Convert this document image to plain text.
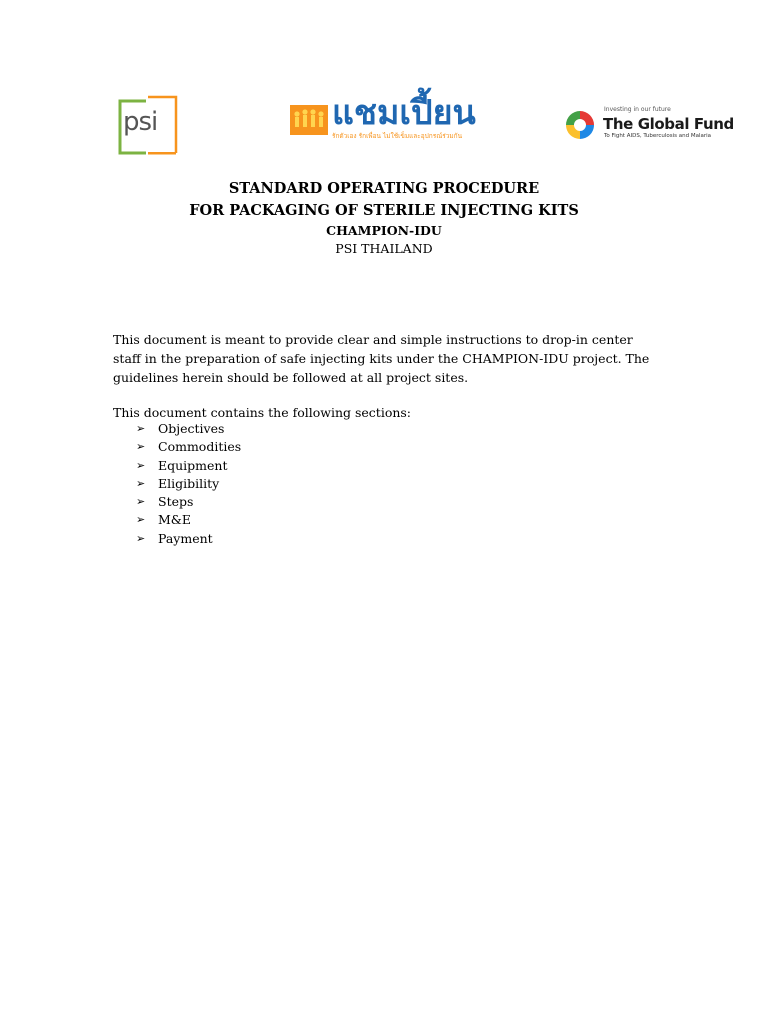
psi	แชมเปี้ยน
รักตัวเอง รักเพื่อน ไม่ใช้เข็มและอุปกรณ์ร่วมกัน
Investing in our future
The Global Fund
To Fight AIDS, Tuberculosis and Malaria

STANDARD OPERATING PROCEDURE

FOR PACKAGING OF STERILE INJECTING KITS

CHAMPION-IDU

PSI THAILAND

This document is meant to provide clear and simple instructions to drop-in center staff in the preparation of safe injecting kits under the CHAMPION-IDU project. The guidelines herein should be followed at all project sites.

This document contains the following sections:

➢	Objectives
➢	Commodities
➢	Equipment
➢	Eligibility
➢	Steps
➢	M&E
➢	Payment
